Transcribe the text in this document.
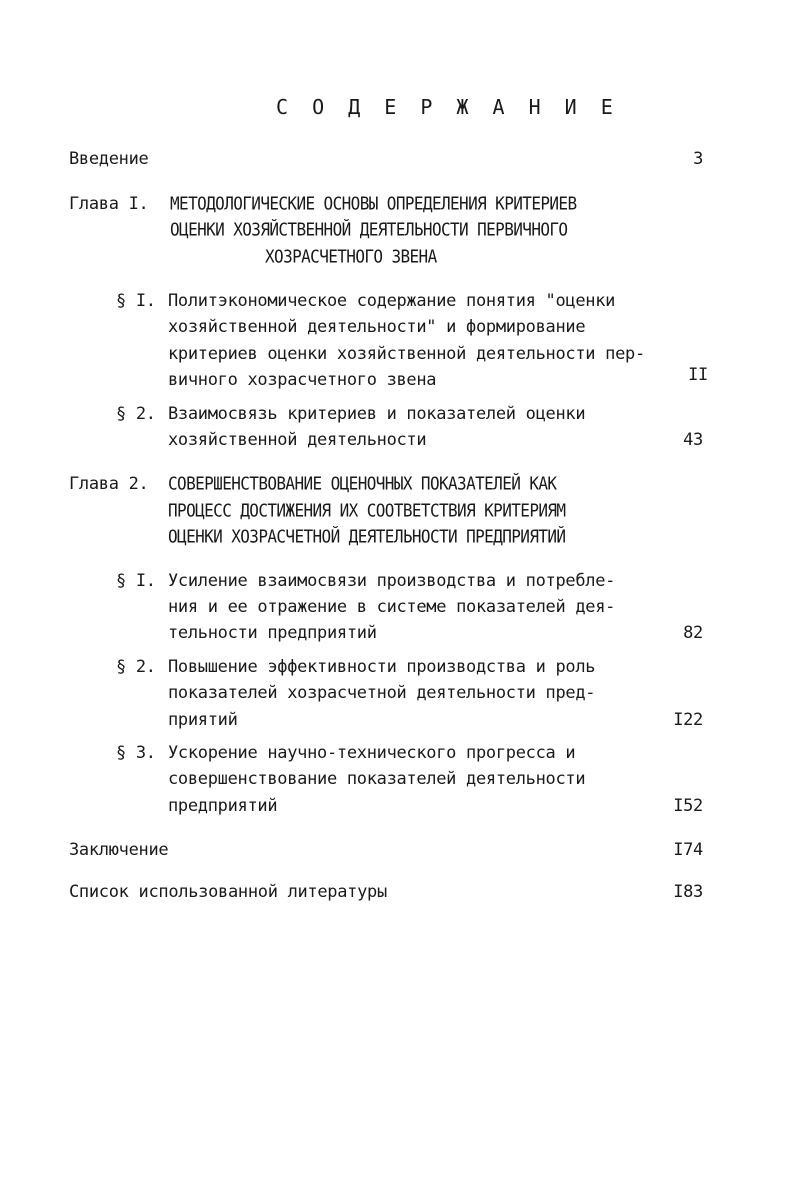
С О Д Е Р Ж А Н И Е
Введение	3
Глава I. МЕТОДОЛОГИЧЕСКИЕ ОСНОВЫ ОПРЕДЕЛЕНИЯ КРИТЕРИЕВ
ОЦЕНКИ ХОЗЯЙСТВЕННОЙ ДЕЯТЕЛЬНОСТИ ПЕРВИЧНОГО
ХОЗРАСЧЕТНОГО ЗВЕНА
§ I. Политэкономическое содержание понятия "оценки
хозяйственной деятельности" и формирование
критериев оценки хозяйственной деятельности пер-
вичного хозрасчетного звена	II
§ 2. Взаимосвязь критериев и показателей оценки
хозяйственной деятельности	43
Глава 2. СОВЕРШЕНСТВОВАНИЕ ОЦЕНОЧНЫХ ПОКАЗАТЕЛЕЙ КАК
ПРОЦЕСС ДОСТИЖЕНИЯ ИХ СООТВЕТСТВИЯ КРИТЕРИЯМ
ОЦЕНКИ ХОЗРАСЧЕТНОЙ ДЕЯТЕЛЬНОСТИ ПРЕДПРИЯТИЙ
§ I. Усиление взаимосвязи производства и потребле-
ния и ее отражение в системе показателей дея-
тельности предприятий	82
§ 2. Повышение эффективности производства и роль
показателей хозрасчетной деятельности пред-
приятий	I22
§ 3. Ускорение научно-технического прогресса и
совершенствование показателей деятельности
предприятий	I52
Заключение	I74
Список использованной литературы	I83
